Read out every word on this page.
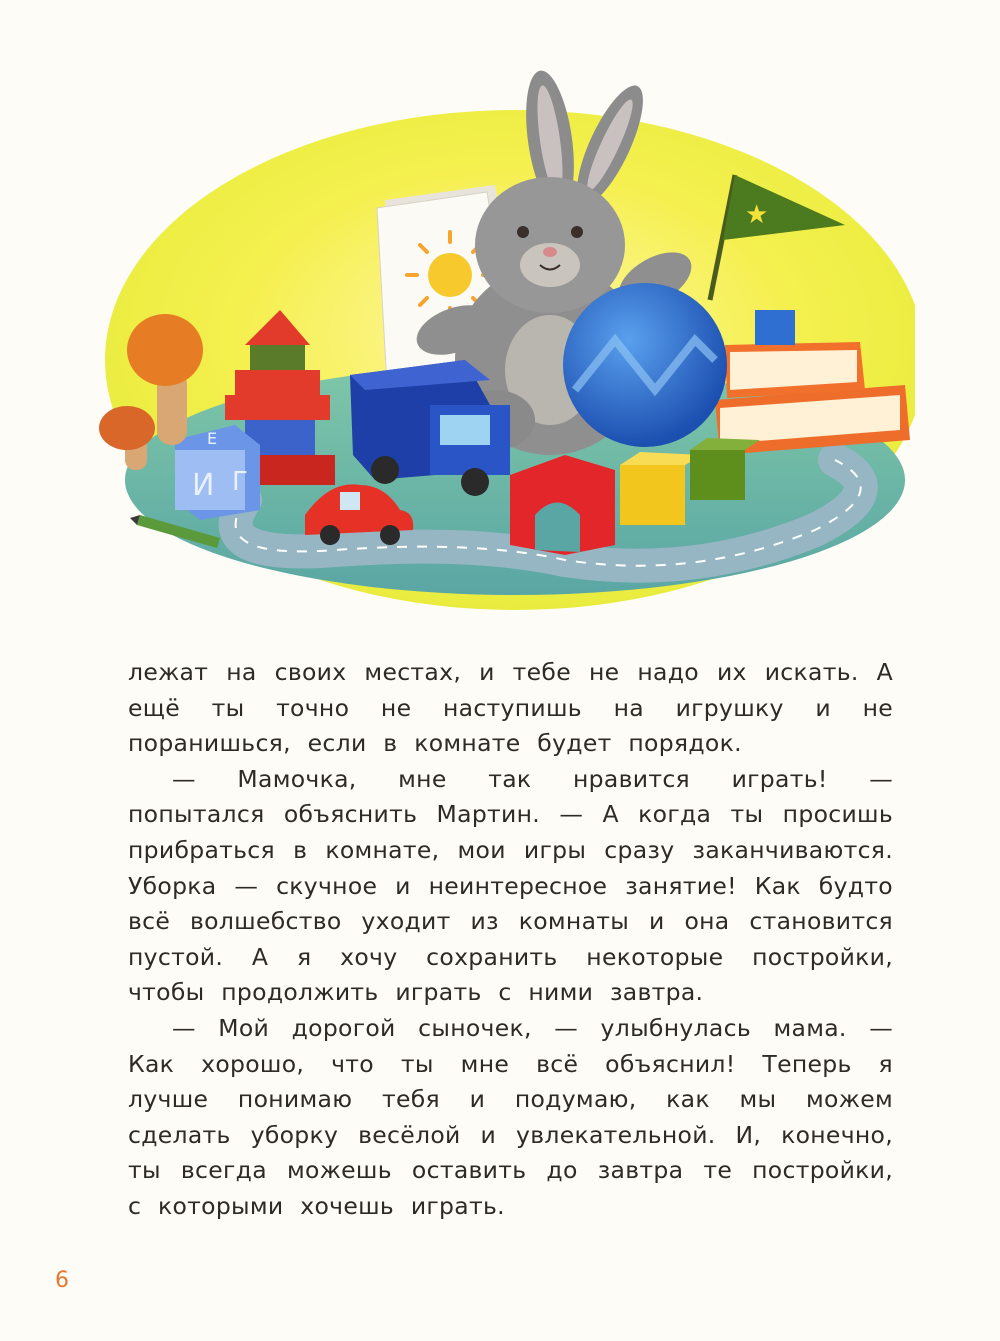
★
И Г
Е

лежат на своих местах, и тебе не надо их искать. А ещё ты точно не наступишь на игрушку и не поранишься, если в комнате будет порядок.

— Мамочка, мне так нравится играть! — попытался объяснить Мартин. — А когда ты просишь прибраться в комнате, мои игры сразу заканчиваются. Уборка — скучное и неинтересное занятие! Как будто всё волшебство уходит из комнаты и она становится пустой. А я хочу сохранить некоторые постройки, чтобы продолжить играть с ними завтра.

— Мой дорогой сыночек, — улыбнулась мама. — Как хорошо, что ты мне всё объяснил! Теперь я лучше понимаю тебя и подумаю, как мы можем сделать уборку весёлой и увлекательной. И, конечно, ты всегда можешь оставить до завтра те постройки, с которыми хочешь играть.

6
